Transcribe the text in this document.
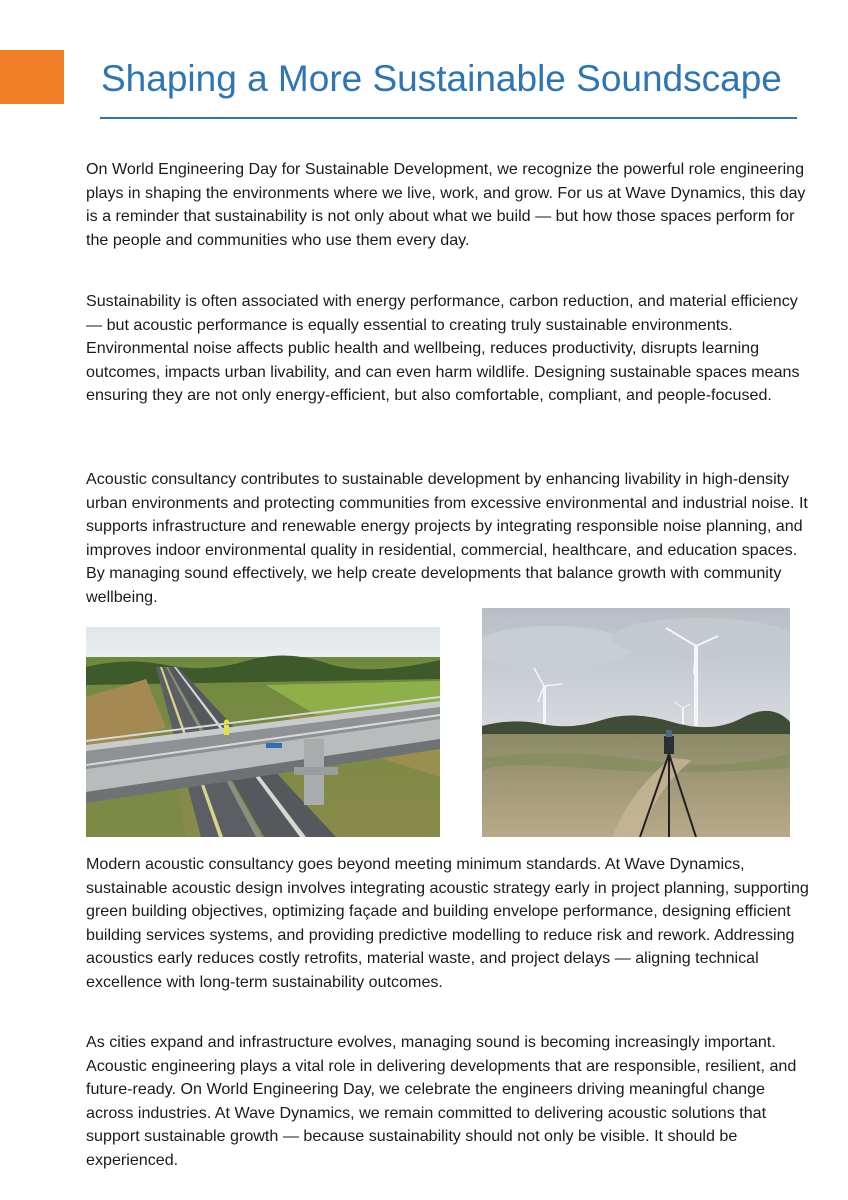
Shaping a More Sustainable Soundscape

On World Engineering Day for Sustainable Development, we recognize the powerful role engineering plays in shaping the environments where we live, work, and grow. For us at Wave Dynamics, this day is a reminder that sustainability is not only about what we build — but how those spaces perform for the people and communities who use them every day.

Sustainability is often associated with energy performance, carbon reduction, and material efficiency — but acoustic performance is equally essential to creating truly sustainable environments. Environmental noise affects public health and wellbeing, reduces productivity, disrupts learning outcomes, impacts urban livability, and can even harm wildlife. Designing sustainable spaces means ensuring they are not only energy-efficient, but also comfortable, compliant, and people-focused.

Acoustic consultancy contributes to sustainable development by enhancing livability in high-density urban environments and protecting communities from excessive environmental and industrial noise. It supports infrastructure and renewable energy projects by integrating responsible noise planning, and improves indoor environmental quality in residential, commercial, healthcare, and education spaces. By managing sound effectively, we help create developments that balance growth with community wellbeing.

Modern acoustic consultancy goes beyond meeting minimum standards. At Wave Dynamics, sustainable acoustic design involves integrating acoustic strategy early in project planning, supporting green building objectives, optimizing façade and building envelope performance, designing efficient building services systems, and providing predictive modelling to reduce risk and rework. Addressing acoustics early reduces costly retrofits, material waste, and project delays — aligning technical excellence with long-term sustainability outcomes.

As cities expand and infrastructure evolves, managing sound is becoming increasingly important. Acoustic engineering plays a vital role in delivering developments that are responsible, resilient, and future-ready. On World Engineering Day, we celebrate the engineers driving meaningful change across industries. At Wave Dynamics, we remain committed to delivering acoustic solutions that support sustainable growth — because sustainability should not only be visible. It should be experienced.
